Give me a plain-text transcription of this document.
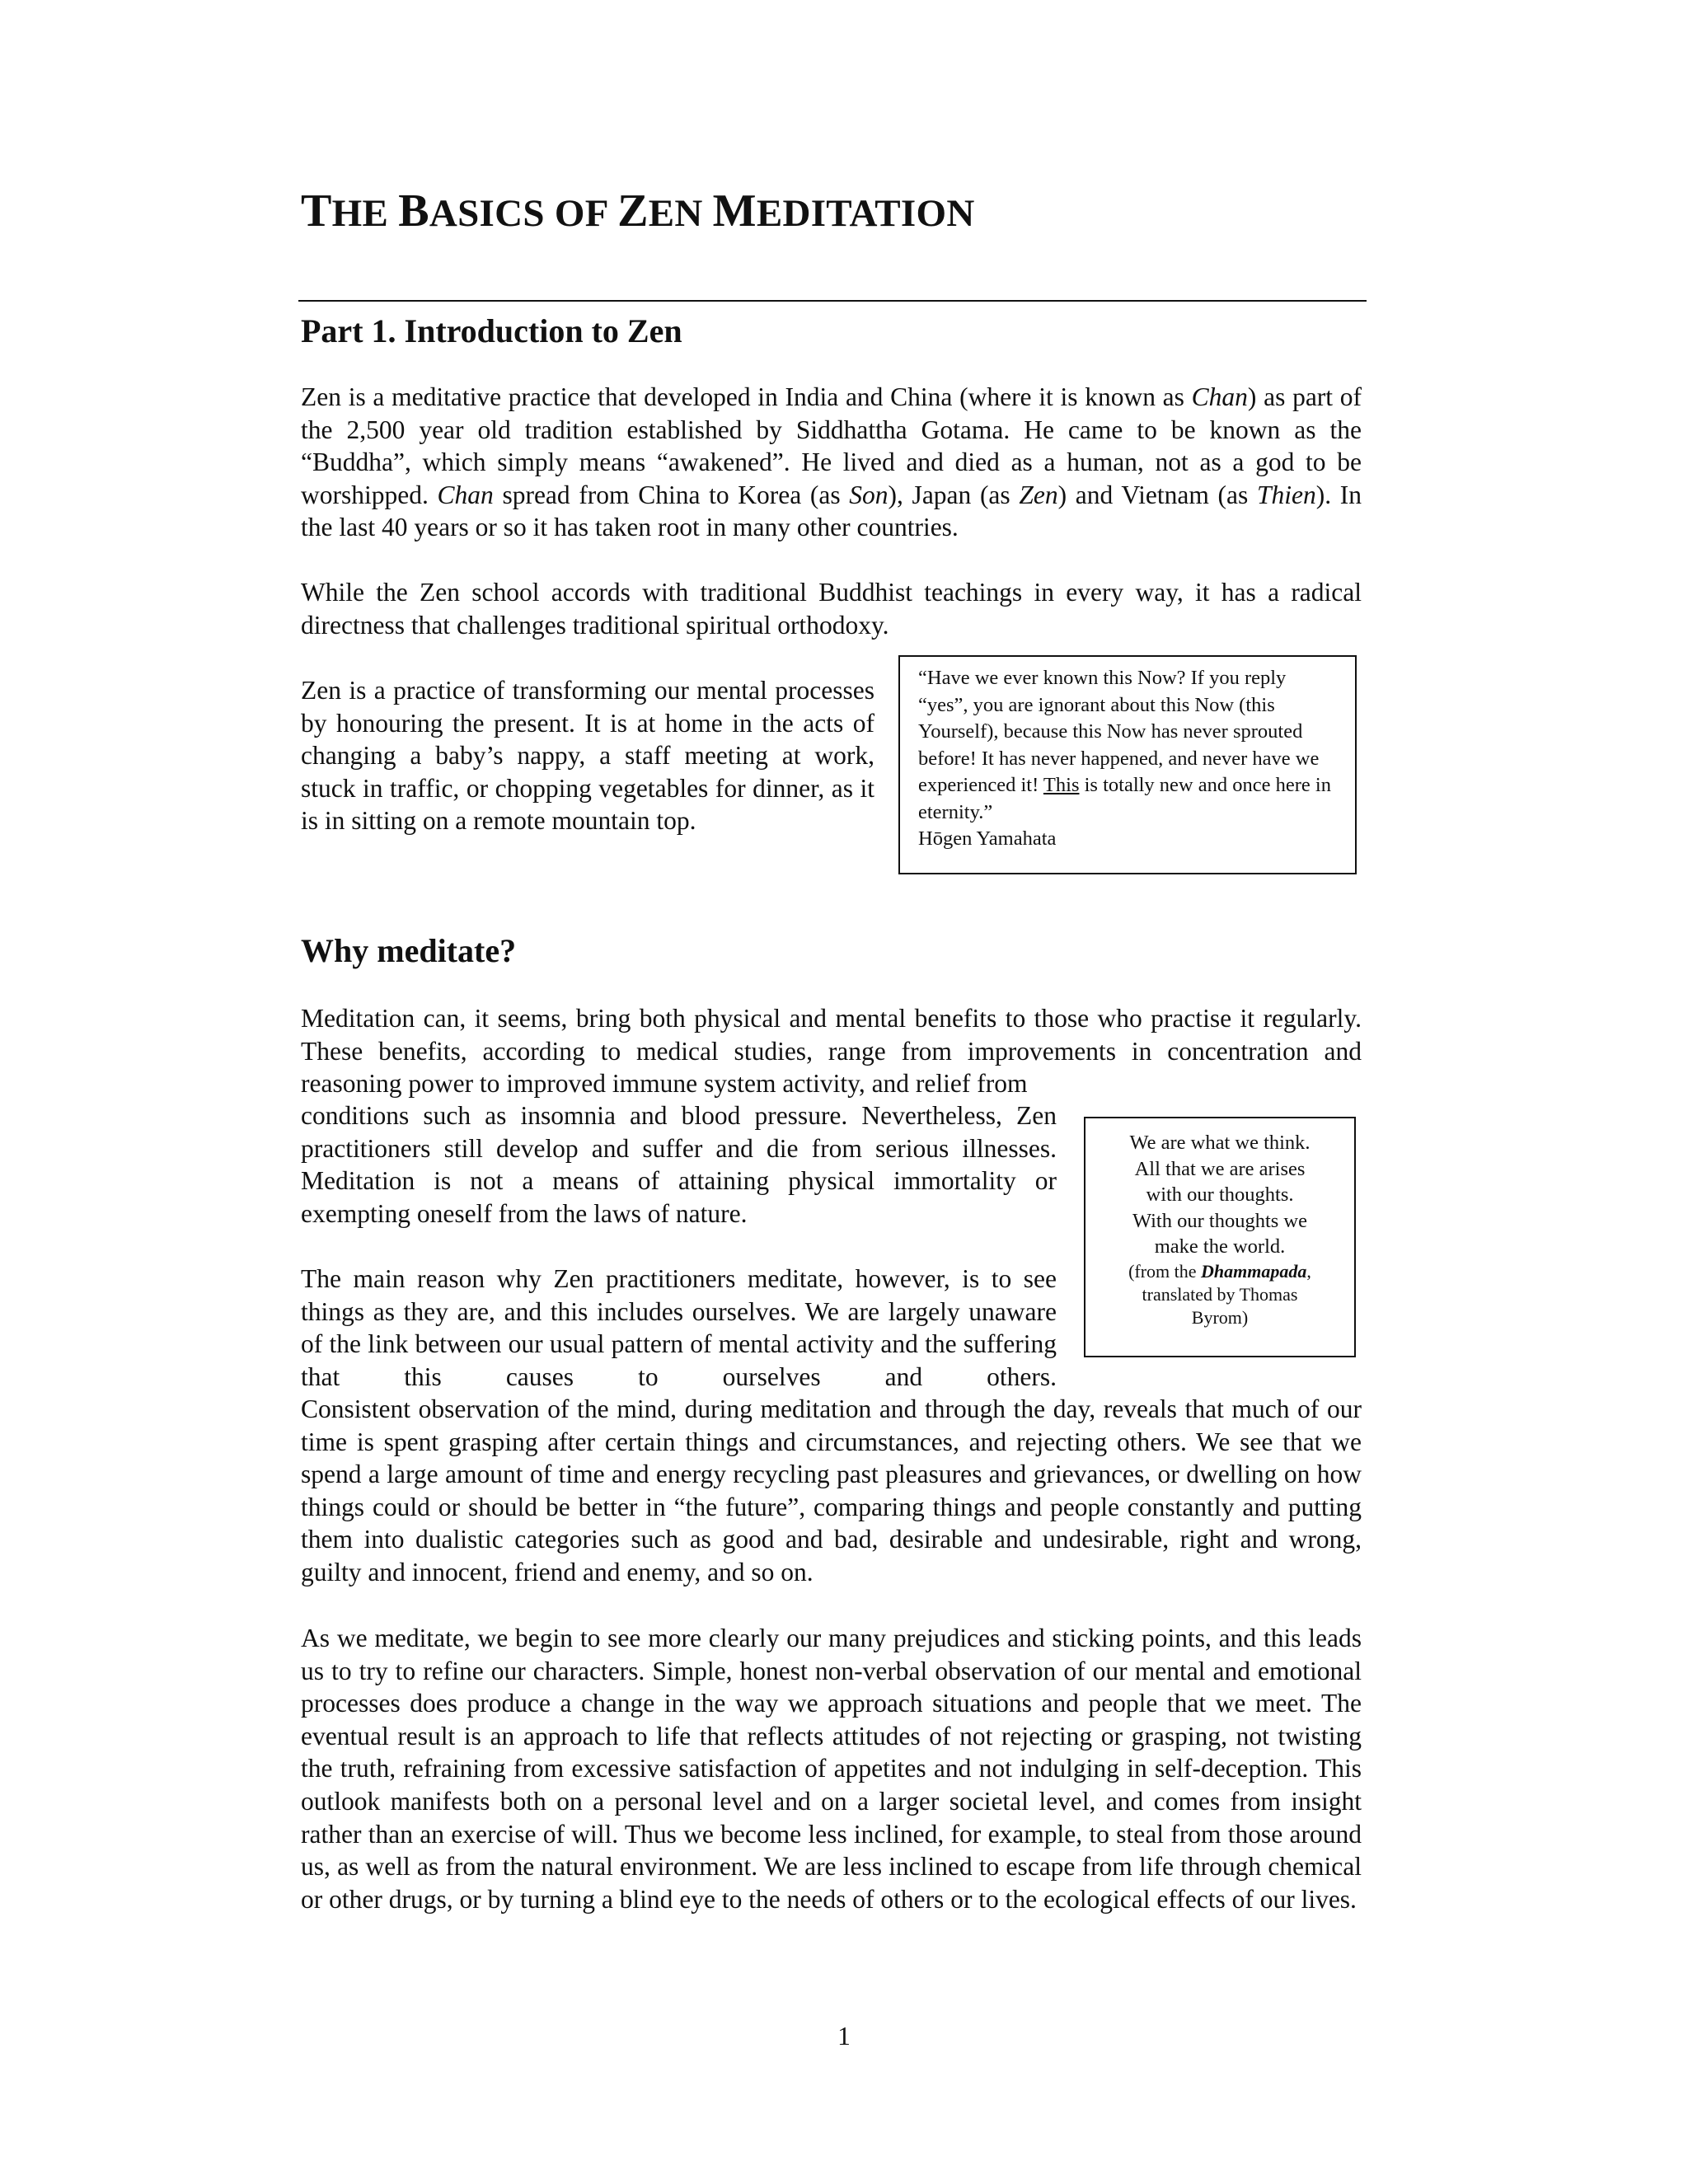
THE BASICS OF ZEN MEDITATION
Part 1. Introduction to Zen

Zen is a meditative practice that developed in India and China (where it is known as Chan) as part of the 2,500 year old tradition established by Siddhattha Gotama. He came to be known as the “Buddha”, which simply means “awakened”. He lived and died as a human, not as a god to be worshipped. Chan spread from China to Korea (as Son), Japan (as Zen) and Vietnam (as Thien). In the last 40 years or so it has taken root in many other countries.

While the Zen school accords with traditional Buddhist teachings in every way, it has a radical directness that challenges traditional spiritual orthodoxy.

Zen is a practice of transforming our mental processes by honouring the present. It is at home in the acts of changing a baby’s nappy, a staff meeting at work, stuck in traffic, or chopping vegetables for dinner, as it is in sitting on a remote mountain top.

“Have we ever known this Now? If you reply “yes”, you are ignorant about this Now (this Yourself), because this Now has never sprouted before! It has never happened, and never have we experienced it! This is totally new and once here in eternity.”

Hōgen Yamahata

Why meditate?

Meditation can, it seems, bring both physical and mental benefits to those who practise it regularly. These benefits, according to medical studies, range from improvements in concentration and reasoning power to improved immune system activity, and relief from

conditions such as insomnia and blood pressure. Nevertheless, Zen practitioners still develop and suffer and die from serious illnesses. Meditation is not a means of attaining physical immortality or exempting oneself from the laws of nature.

The main reason why Zen practitioners meditate, however, is to see things as they are, and this includes ourselves. We are largely unaware of the link between our usual pattern of mental activity and the suffering that this causes to ourselves and others.

Consistent observation of the mind, during meditation and through the day, reveals that much of our time is spent grasping after certain things and circumstances, and rejecting others. We see that we spend a large amount of time and energy recycling past pleasures and grievances, or dwelling on how things could or should be better in “the future”, comparing things and people constantly and putting them into dualistic categories such as good and bad, desirable and undesirable, right and wrong, guilty and innocent, friend and enemy, and so on.

We are what we think.

All that we are arises

with our thoughts.

With our thoughts we

make the world.

(from the Dhammapada,

translated by Thomas

Byrom)

As we meditate, we begin to see more clearly our many prejudices and sticking points, and this leads us to try to refine our characters. Simple, honest non-verbal observation of our mental and emotional processes does produce a change in the way we approach situations and people that we meet. The eventual result is an approach to life that reflects attitudes of not rejecting or grasping, not twisting the truth, refraining from excessive satisfaction of appetites and not indulging in self-deception. This outlook manifests both on a personal level and on a larger societal level, and comes from insight rather than an exercise of will. Thus we become less inclined, for example, to steal from those around us, as well as from the natural environment. We are less inclined to escape from life through chemical or other drugs, or by turning a blind eye to the needs of others or to the ecological effects of our lives.

1
